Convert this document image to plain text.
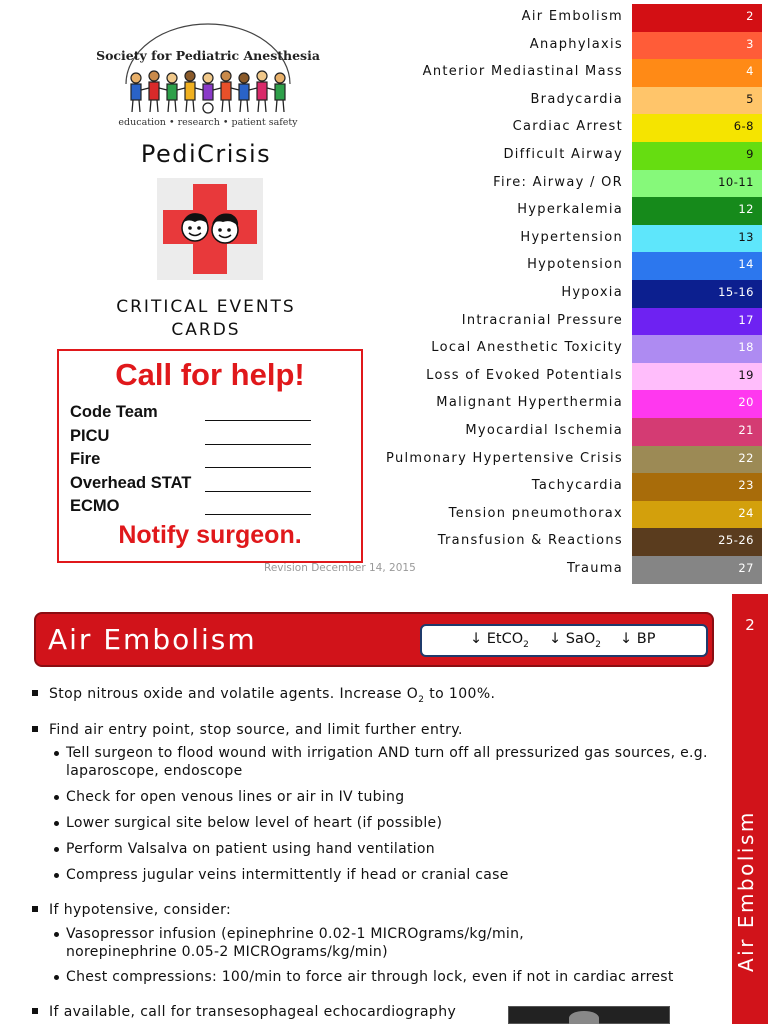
Society for Pediatric Anesthesia
education • research • patient safety
PediCrisis
CRITICAL EVENTS
CARDS
Call for help!
Code Team
PICU
Fire
Overhead STAT
ECMO
Notify surgeon.
Revision December 14, 2015
Air Embolism	2
Anaphylaxis	3
Anterior Mediastinal Mass	4
Bradycardia	5
Cardiac Arrest	6-8
Difficult Airway	9
Fire: Airway / OR	10-11
Hyperkalemia	12
Hypertension	13
Hypotension	14
Hypoxia	15-16
Intracranial Pressure	17
Local Anesthetic Toxicity	18
Loss of Evoked Potentials	19
Malignant Hyperthermia	20
Myocardial Ischemia	21
Pulmonary Hypertensive Crisis	22
Tachycardia	23
Tension pneumothorax	24
Transfusion & Reactions	25-26
Trauma	27
Air Embolism	↓ EtCO$_2$ ↓ SaO$_2$ ↓ BP
2
Air Embolism
Stop nitrous oxide and volatile agents. Increase $O_2$ to 100%.
Find air entry point, stop source, and limit further entry.
Tell surgeon to flood wound with irrigation AND turn off all pressurized gas sources, e.g. laparoscope, endoscope
Check for open venous lines or air in IV tubing
Lower surgical site below level of heart (if possible)
Perform Valsalva on patient using hand ventilation
Compress jugular veins intermittently if head or cranial case
If hypotensive, consider:
Vasopressor infusion (epinephrine 0.02-1 MICROgrams/kg/min, norepinephrine 0.05-2 MICROgrams/kg/min)
Chest compressions: 100/min to force air through lock, even if not in cardiac arrest
If available, call for transesophageal echocardiography
